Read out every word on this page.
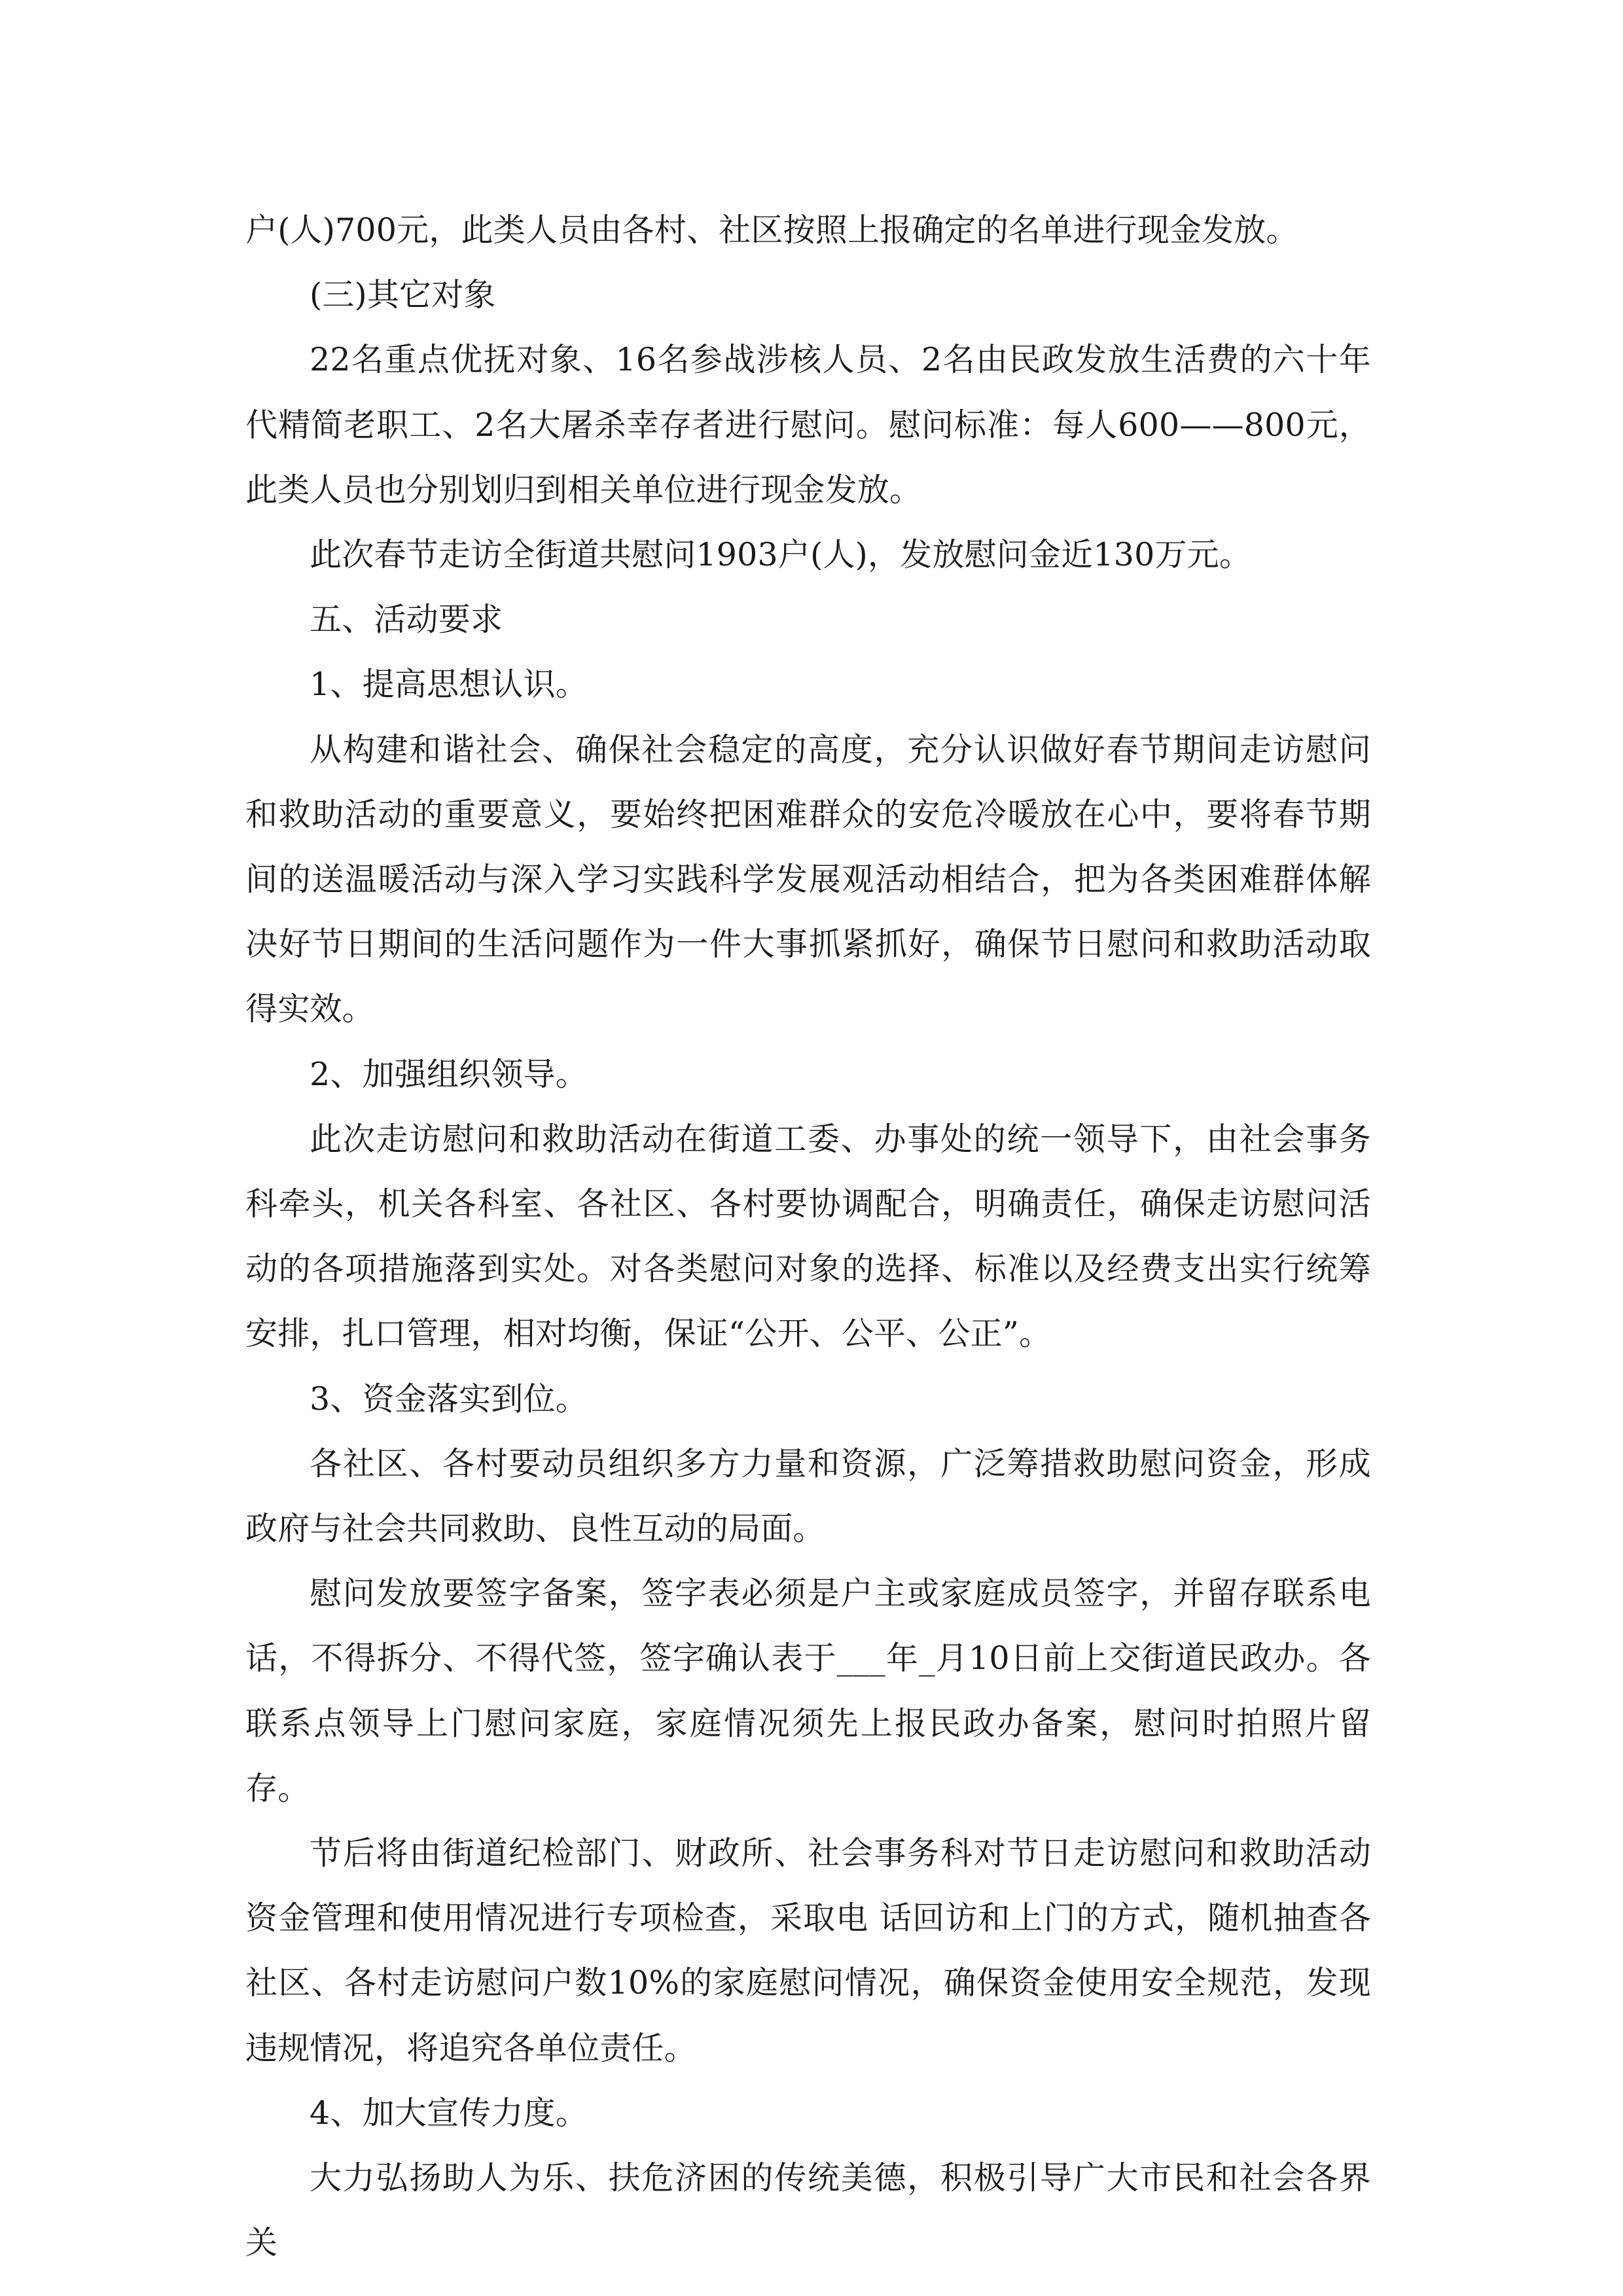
户(人)700元，此类人员由各村、社区按照上报确定的名单进行现金发放。

(三)其它对象

22名重点优抚对象、16名参战涉核人员、2名由民政发放生活费的六十年代精简老职工、2名大屠杀幸存者进行慰问。慰问标准：每人600——800元，此类人员也分别划归到相关单位进行现金发放。

此次春节走访全街道共慰问1903户(人)，发放慰问金近130万元。

五、活动要求

1、提高思想认识。

从构建和谐社会、确保社会稳定的高度，充分认识做好春节期间走访慰问和救助活动的重要意义，要始终把困难群众的安危冷暖放在心中，要将春节期间的送温暖活动与深入学习实践科学发展观活动相结合，把为各类困难群体解决好节日期间的生活问题作为一件大事抓紧抓好，确保节日慰问和救助活动取得实效。

2、加强组织领导。

此次走访慰问和救助活动在街道工委、办事处的统一领导下，由社会事务科牵头，机关各科室、各社区、各村要协调配合，明确责任，确保走访慰问活动的各项措施落到实处。对各类慰问对象的选择、标准以及经费支出实行统筹安排，扎口管理，相对均衡，保证“公开、公平、公正”。

3、资金落实到位。

各社区、各村要动员组织多方力量和资源，广泛筹措救助慰问资金，形成政府与社会共同救助、良性互动的局面。

慰问发放要签字备案，签字表必须是户主或家庭成员签字，并留存联系电话，不得拆分、不得代签，签字确认表于___年_月10日前上交街道民政办。各联系点领导上门慰问家庭，家庭情况须先上报民政办备案，慰问时拍照片留存。

节后将由街道纪检部门、财政所、社会事务科对节日走访慰问和救助活动资金管理和使用情况进行专项检查，采取电 话回访和上门的方式，随机抽查各社区、各村走访慰问户数10%的家庭慰问情况，确保资金使用安全规范，发现违规情况，将追究各单位责任。

4、加大宣传力度。

大力弘扬助人为乐、扶危济困的传统美德，积极引导广大市民和社会各界关
